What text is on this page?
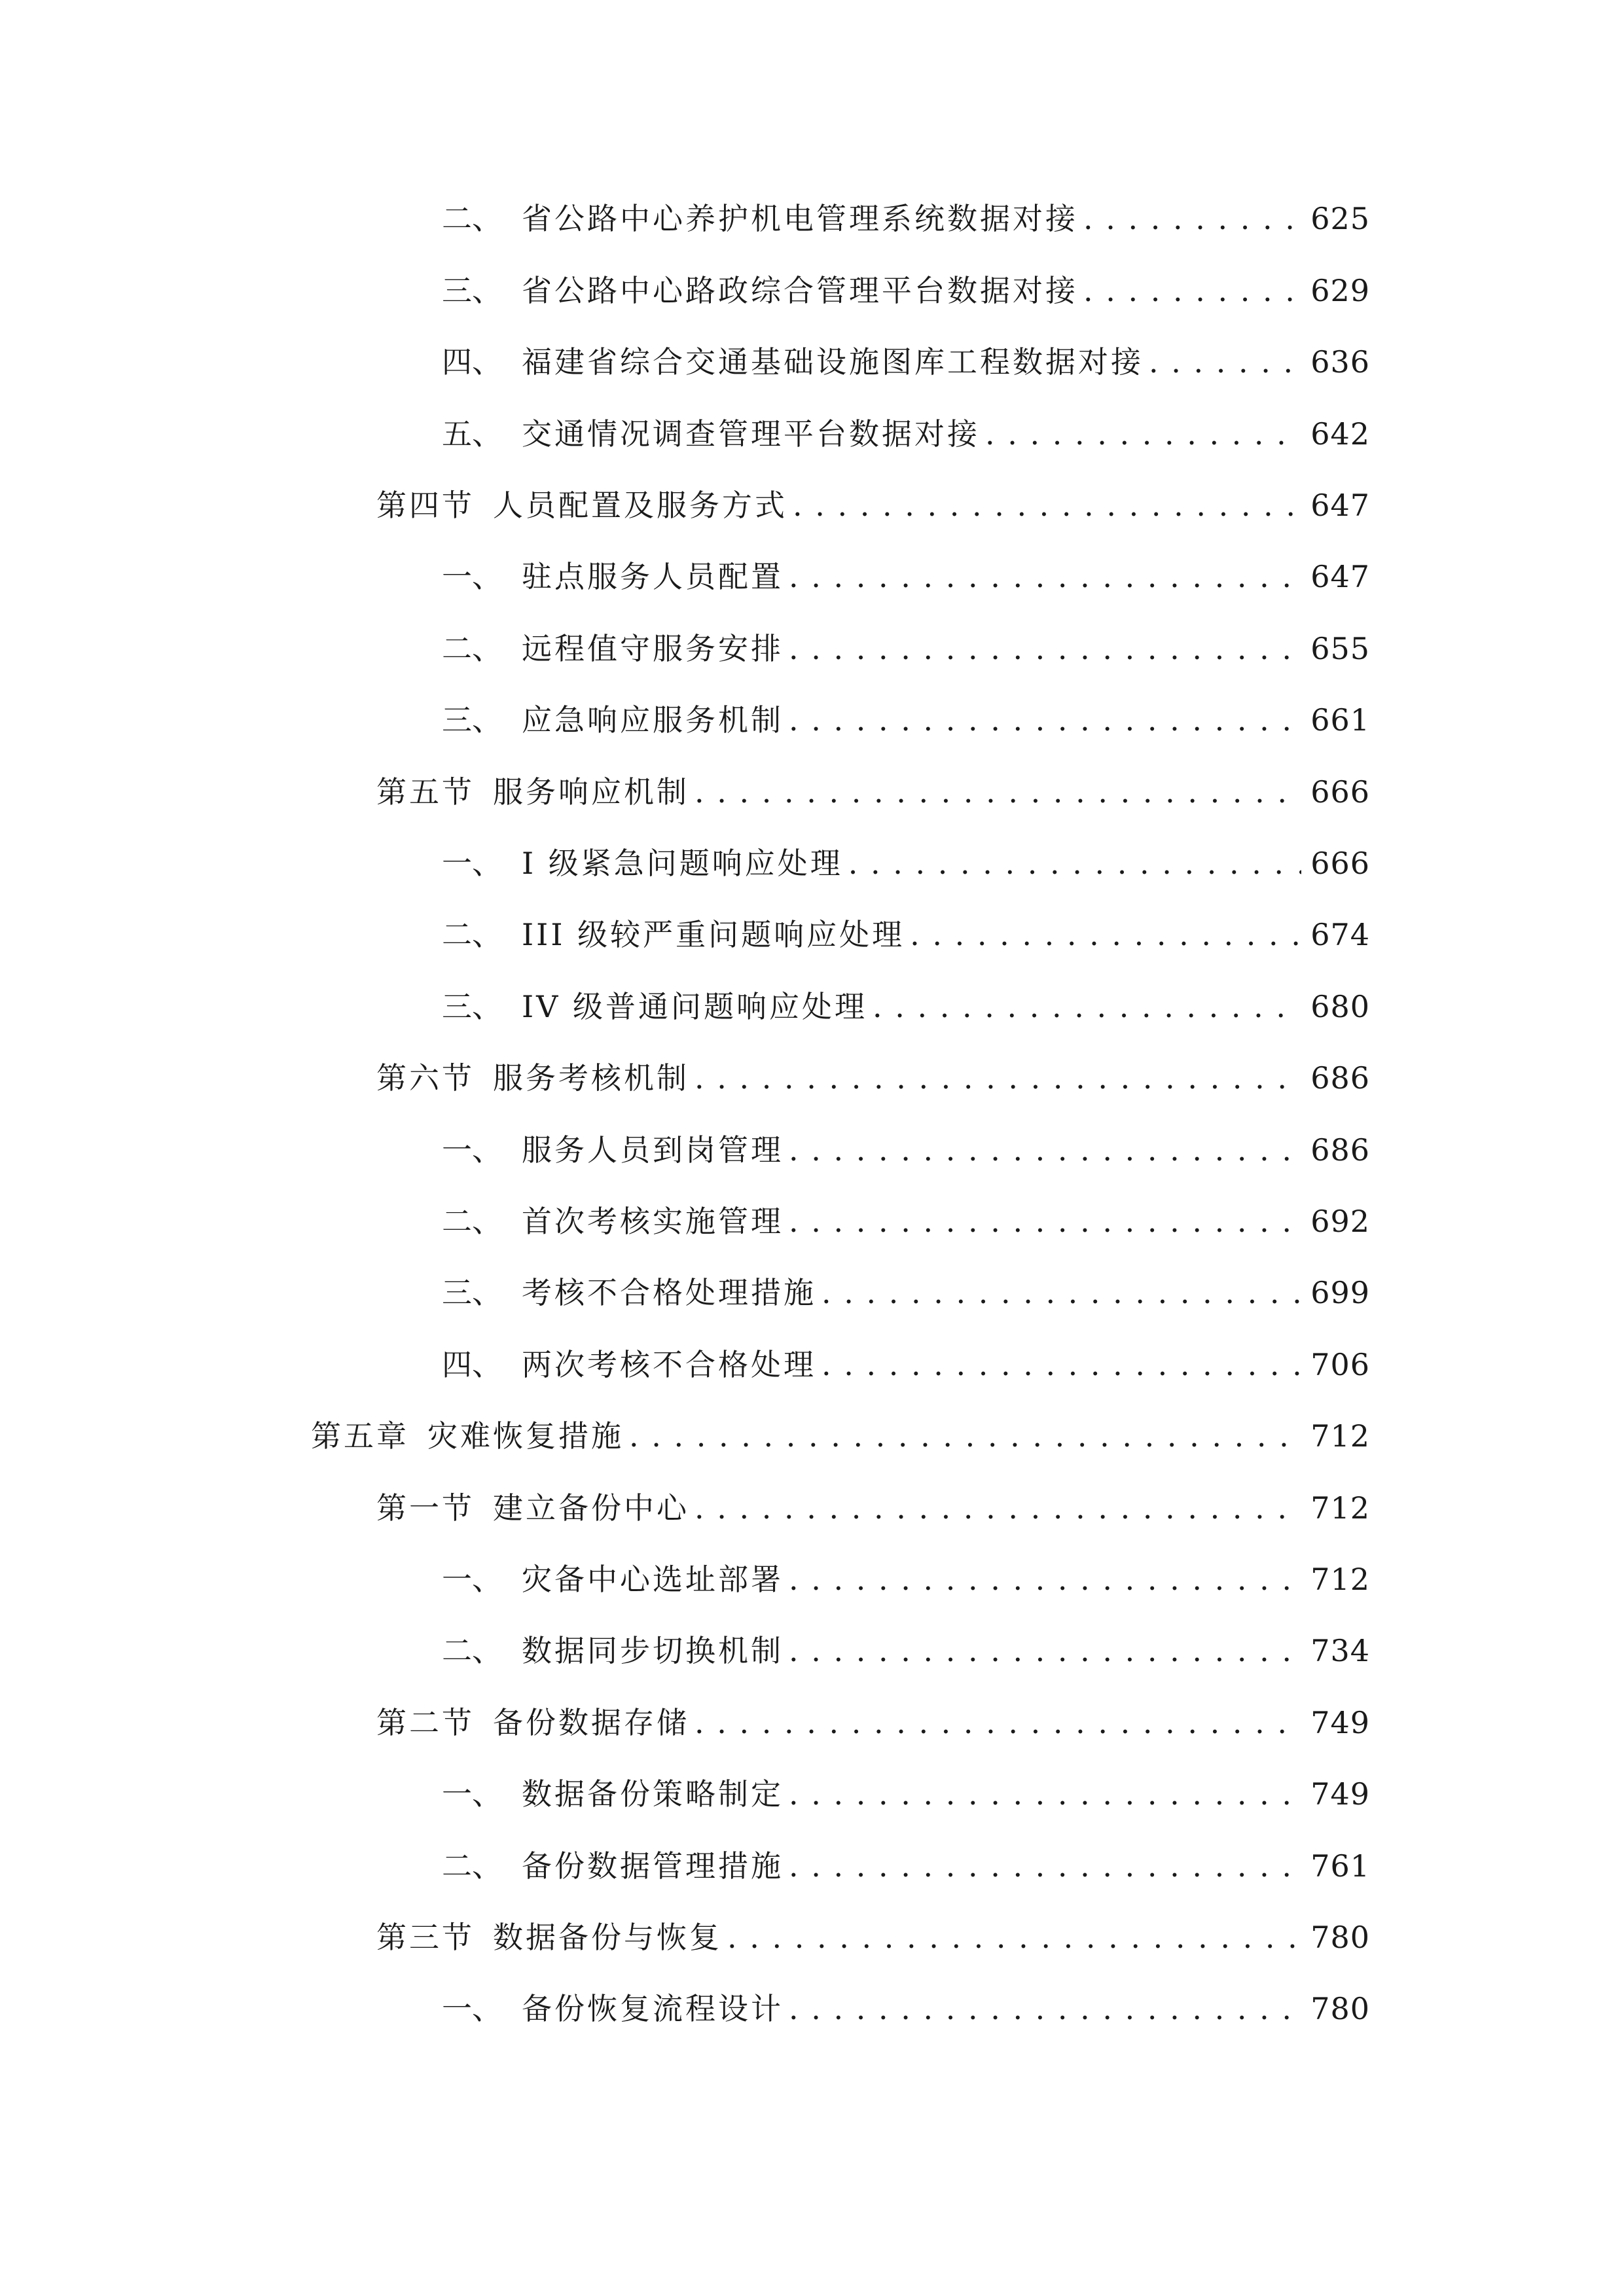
二、 省公路中心养护机电管理系统数据对接 . . .	625
三、 省公路中心路政综合管理平台数据对接 . . .	629
四、 福建省综合交通基础设施图库工程数据对接 . . .	636
五、 交通情况调查管理平台数据对接 . . .	642
第四节 人员配置及服务方式 . . .	647
一、 驻点服务人员配置 . . .	647
二、 远程值守服务安排 . . .	655
三、 应急响应服务机制 . . .	661
第五节 服务响应机制 . . .	666
一、 I 级紧急问题响应处理 . . .	666
二、 III 级较严重问题响应处理 . . .	674
三、 IV 级普通问题响应处理 . . .	680
第六节 服务考核机制 . . .	686
一、 服务人员到岗管理 . . .	686
二、 首次考核实施管理 . . .	692
三、 考核不合格处理措施 . . .	699
四、 两次考核不合格处理 . . .	706
第五章 灾难恢复措施 . . .	712
第一节 建立备份中心 . . .	712
一、 灾备中心选址部署 . . .	712
二、 数据同步切换机制 . . .	734
第二节 备份数据存储 . . .	749
一、 数据备份策略制定 . . .	749
二、 备份数据管理措施 . . .	761
第三节 数据备份与恢复 . . .	780
一、 备份恢复流程设计 . . .	780
